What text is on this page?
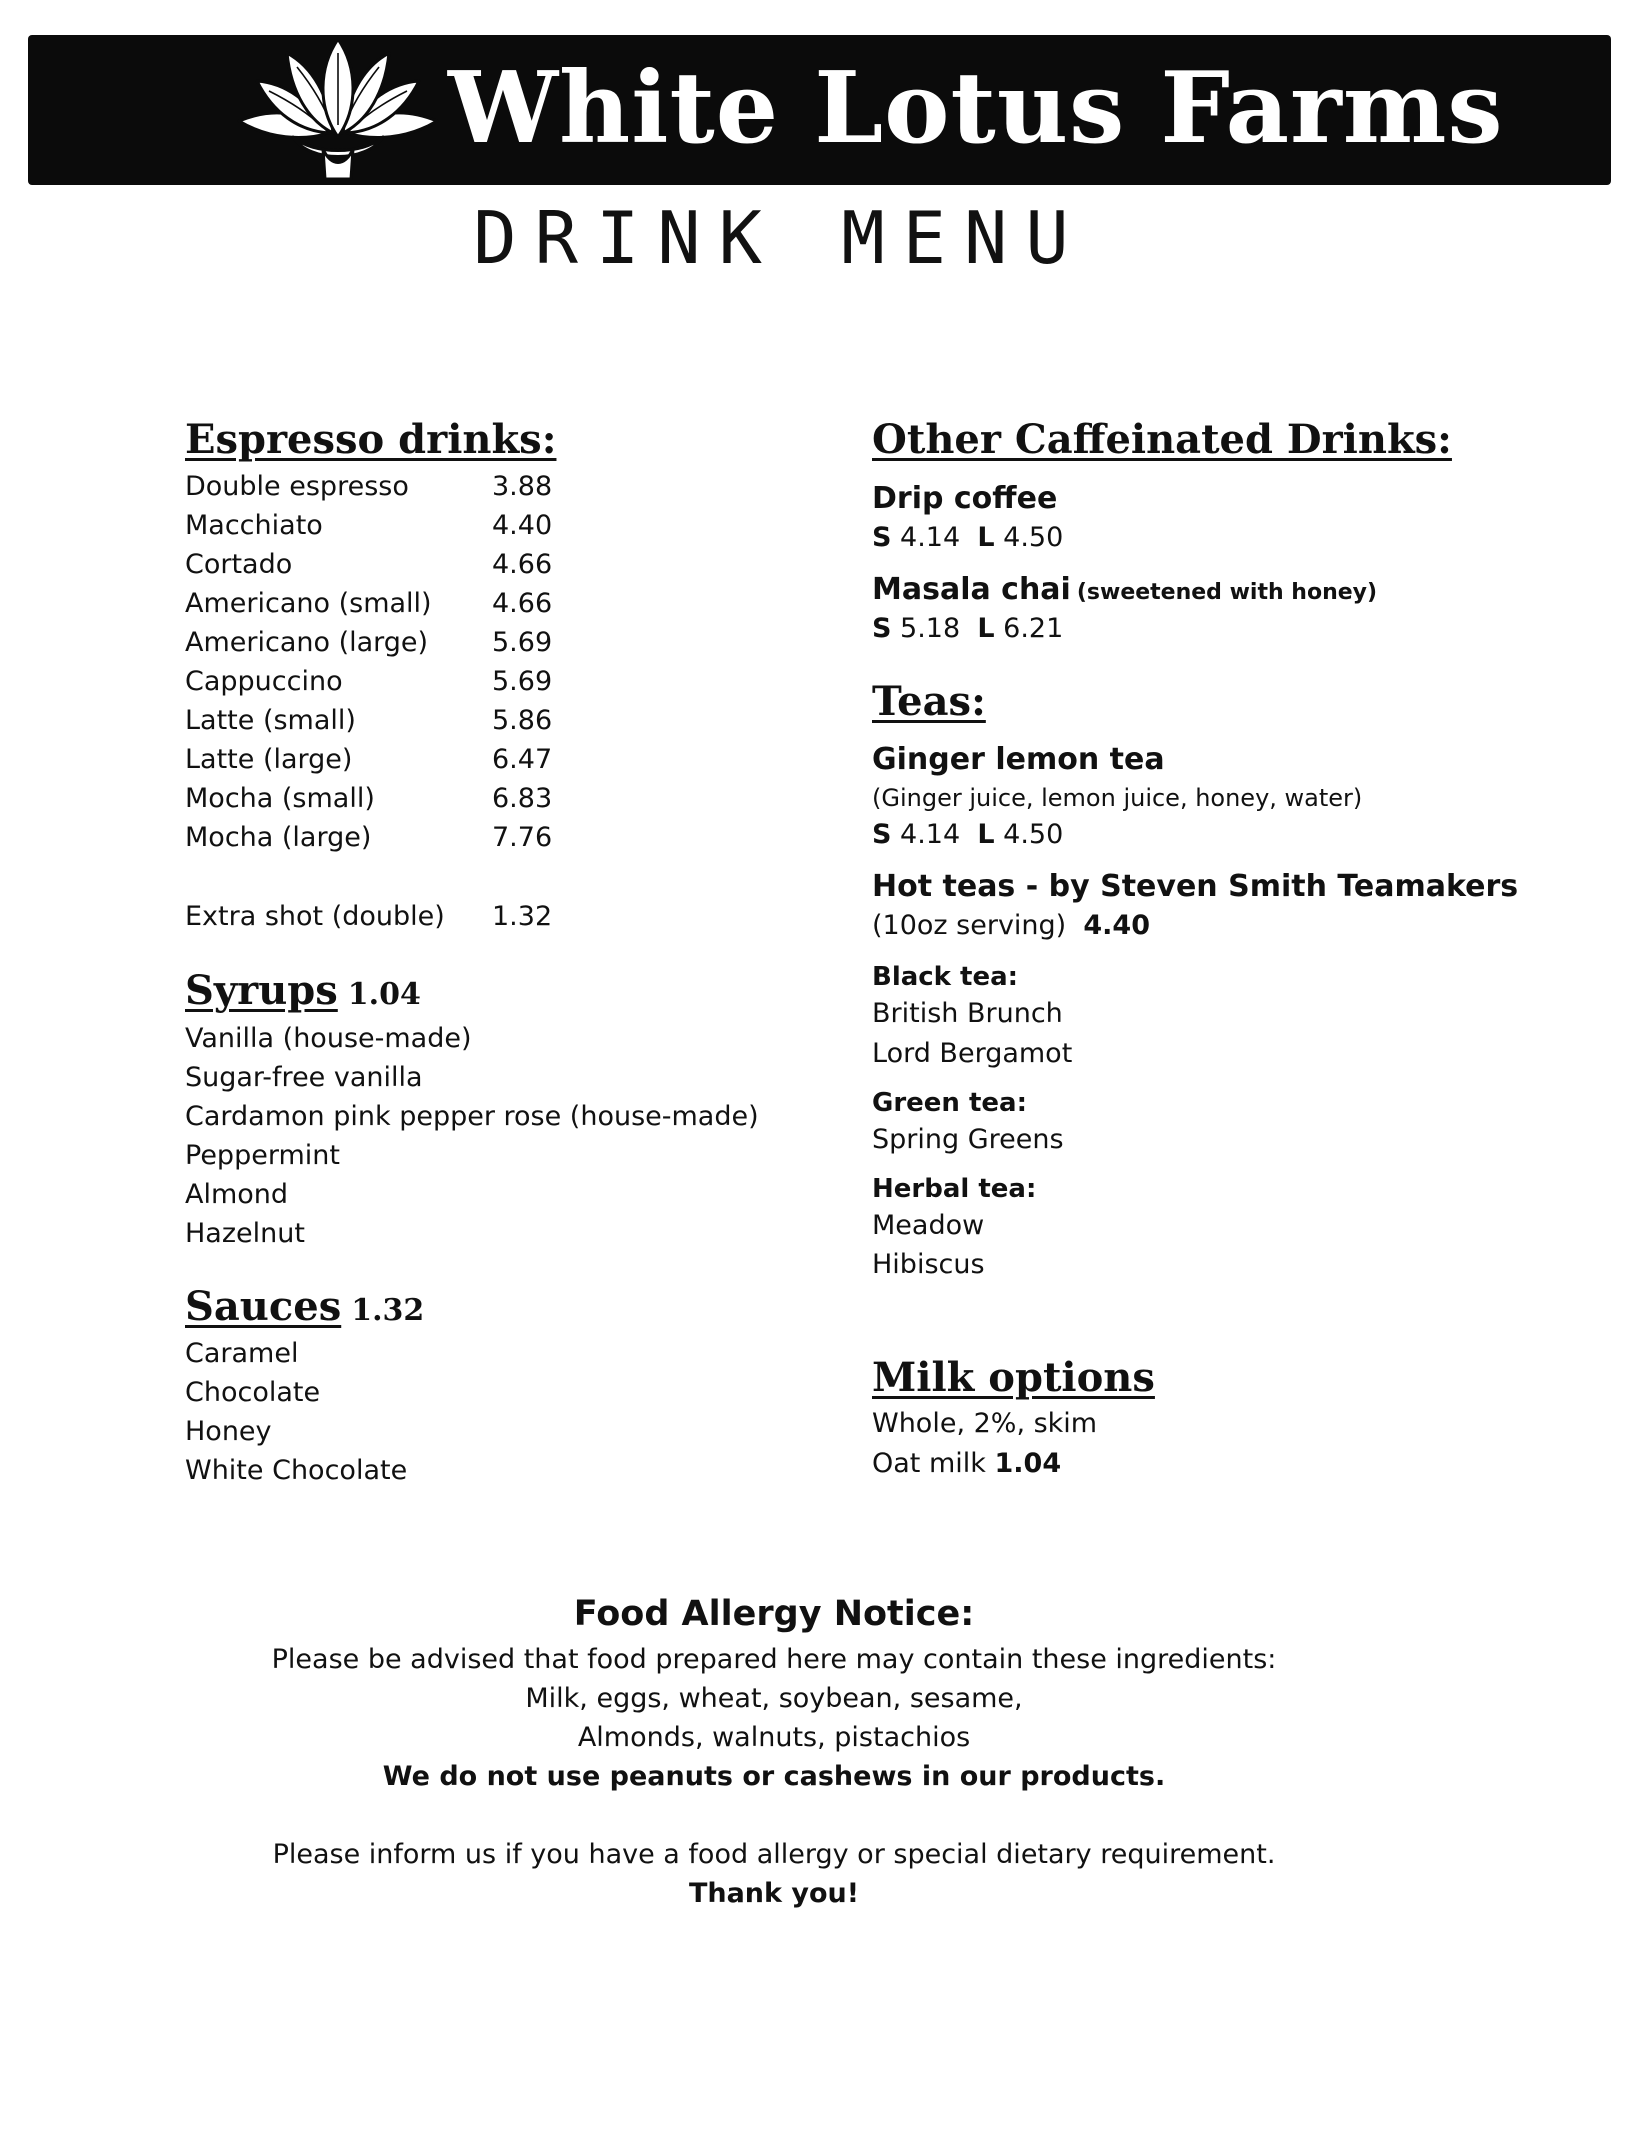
White Lotus Farms
DRINK MENU
Espresso drinks:
Double espresso	3.88
Macchiato	4.40
Cortado	4.66
Americano (small) 4.66
Americano (large) 5.69
Cappuccino	5.69
Latte (small)	5.86
Latte (large)	6.47
Mocha (small)	6.83
Mocha (large)	7.76
Extra shot (double) 1.32
Syrups 1.04
Vanilla (house-made)
Sugar-free vanilla
Cardamon pink pepper rose (house-made)
Peppermint
Almond
Hazelnut
Sauces 1.32
Caramel
Chocolate
Honey
White Chocolate
Other Caffeinated Drinks:
Drip coffee
S 4.14 L 4.50
Masala chai (sweetened with honey)
S 5.18 L 6.21
Teas:
Ginger lemon tea
(Ginger juice, lemon juice, honey, water)
S 4.14 L 4.50
Hot teas - by Steven Smith Teamakers
(10oz serving) 4.40
Black tea:
British Brunch
Lord Bergamot
Green tea:
Spring Greens
Herbal tea:
Meadow
Hibiscus
Milk options
Whole, 2%, skim
Oat milk 1.04
Food Allergy Notice:
Please be advised that food prepared here may contain these ingredients:
Milk, eggs, wheat, soybean, sesame,
Almonds, walnuts, pistachios
We do not use peanuts or cashews in our products.
Please inform us if you have a food allergy or special dietary requirement.
Thank you!
